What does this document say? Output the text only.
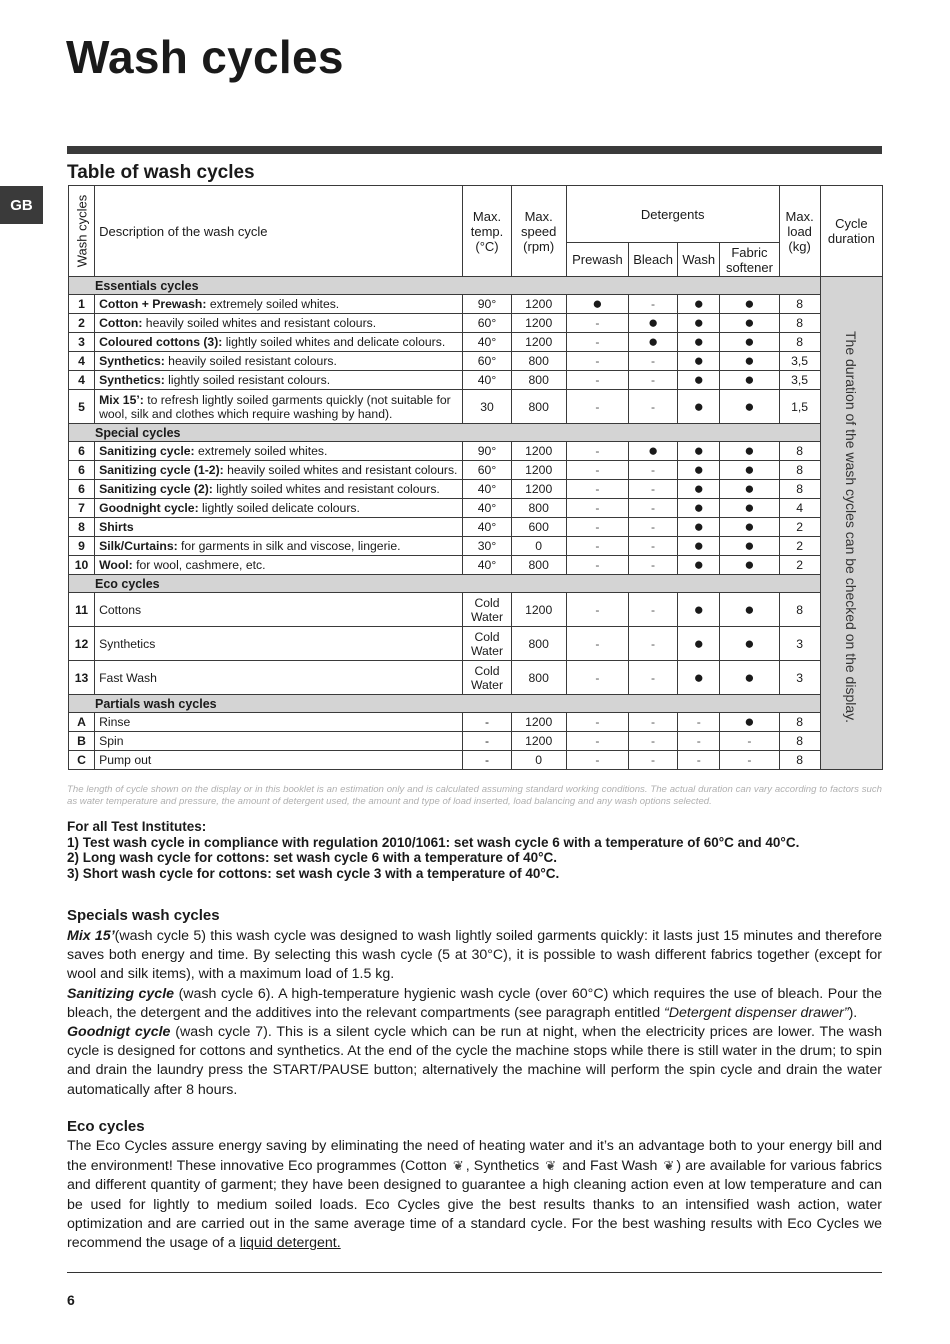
Wash cycles
Table of wash cycles
GB	Wash cycles	Description of the wash cycle	Max. temp. (°C)	Max. speed (rpm)	Detergents				Max. load (kg)	Cycle duration
				Prewash	Bleach	Wash	Fabric softener		
Essentials cycles									
1	Cotton + Prewash: extremely soiled whites.	90°	1200	●	-	●	●	8	
2	Cotton: heavily soiled whites and resistant colours.	60°	1200	-	●	●	●	8	
3	Coloured cottons (3): lightly soiled whites and delicate colours.	40°	1200	-	●	●	●	8	
4	Synthetics: heavily soiled resistant colours.	60°	800	-	-	●	●	3,5	
4	Synthetics: lightly soiled resistant colours.	40°	800	-	-	●	●	3,5	
5	Mix 15’: to refresh lightly soiled garments quickly (not suitable for wool, silk and clothes which require washing by hand).	30	800	-	-	●	●	1,5	
Special cycles									
6	Sanitizing cycle: extremely soiled whites.	90°	1200	-	●	●	●	8	
6	Sanitizing cycle (1-2): heavily soiled whites and resistant colours.	60°	1200	-	-	●	●	8	
6	Sanitizing cycle (2): lightly soiled whites and resistant colours.	40°	1200	-	-	●	●	8	
7	Goodnight cycle: lightly soiled delicate colours.	40°	800	-	-	●	●	4	
8	Shirts	40°	600	-	-	●	●	2	
9	Silk/Curtains: for garments in silk and viscose, lingerie.	30°	0	-	-	●	●	2	
10	Wool: for wool, cashmere, etc.	40°	800	-	-	●	●	2	
Eco cycles									
11	Cottons	Cold Water	1200	-	-	●	●	8	
12	Synthetics	Cold Water	800	-	-	●	●	3	
13	Fast Wash	Cold Water	800	-	-	●	●	3	
Partials wash cycles									
A	Rinse	-	1200	-	-	-	●	8	
B	Spin	-	1200	-	-	-	-	8	
C	Pump out	-	0	-	-	-	-	8	
The duration of the wash cycles can be checked on the display.

The length of cycle shown on the display or in this booklet is an estimation only and is calculated assuming standard working conditions. The actual duration can vary according to factors such as water temperature and pressure, the amount of detergent used, the amount and type of load inserted, load balancing and any wash options selected.

For all Test Institutes:
1) Test wash cycle in compliance with regulation 2010/1061: set wash cycle 6 with a temperature of 60°C and 40°C.
2) Long wash cycle for cottons: set wash cycle 6 with a temperature of 40°C.
3) Short wash cycle for cottons: set wash cycle 3 with a temperature of 40°C.
Specials wash cycles

Mix 15’(wash cycle 5) this wash cycle was designed to wash lightly soiled garments quickly: it lasts just 15 minutes and therefore saves both energy and time. By selecting this wash cycle (5 at 30°C), it is possible to wash different fabrics together (except for wool and silk items), with a maximum load of 1.5 kg.
Sanitizing cycle (wash cycle 6). A high-temperature hygienic wash cycle (over 60°C) which requires the use of bleach. Pour the bleach, the detergent and the additives into the relevant compartments (see paragraph entitled “Detergent dispenser drawer”).
Goodnigt cycle (wash cycle 7). This is a silent cycle which can be run at night, when the electricity prices are lower. The wash cycle is designed for cottons and synthetics. At the end of the cycle the machine stops while there is still water in the drum; to spin and drain the laundry press the START/PAUSE button; alternatively the machine will perform the spin cycle and drain the water automatically after 8 hours.

Eco cycles

The Eco Cycles assure energy saving by eliminating the need of heating water and it’s an advantage both to your energy bill and the environment! These innovative Eco programmes (Cotton ❦ , Synthetics ❦ and Fast Wash ❦ ) are available for various fabrics and different quantity of garment; they have been designed to guarantee a high cleaning action even at low temperature and can be used for lightly to medium soiled loads. Eco Cycles give the best results thanks to an intensified wash action, water optimization and are carried out in the same average time of a standard cycle. For the best washing results with Eco Cycles we recommend the usage of a liquid detergent.

6
